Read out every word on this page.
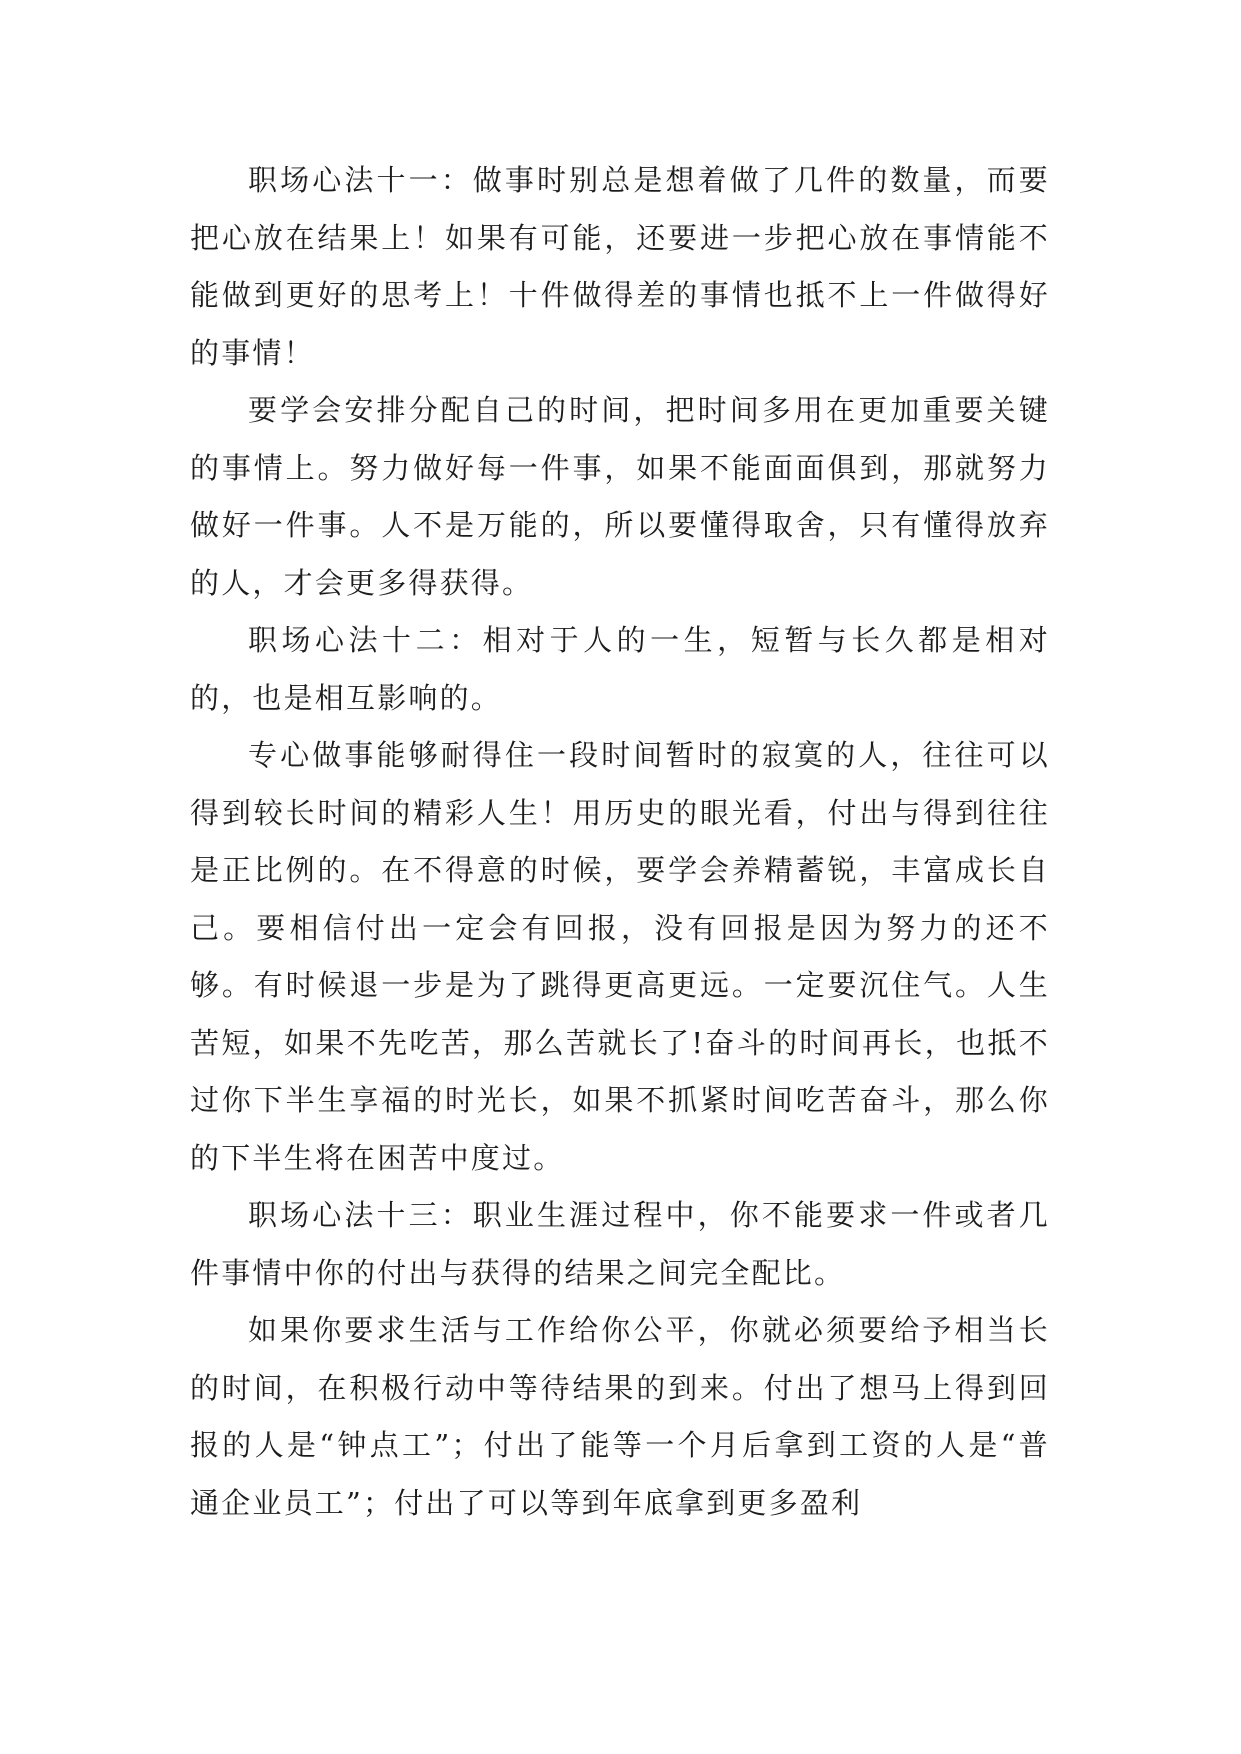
职场心法十一：做事时别总是想着做了几件的数量，而要把心放在结果上！如果有可能，还要进一步把心放在事情能不能做到更好的思考上！十件做得差的事情也抵不上一件做得好的事情！

要学会安排分配自己的时间，把时间多用在更加重要关键的事情上。努力做好每一件事，如果不能面面俱到，那就努力做好一件事。人不是万能的，所以要懂得取舍，只有懂得放弃的人，才会更多得获得。

职场心法十二：相对于人的一生，短暂与长久都是相对的，也是相互影响的。

专心做事能够耐得住一段时间暂时的寂寞的人，往往可以得到较长时间的精彩人生！用历史的眼光看，付出与得到往往是正比例的。在不得意的时候，要学会养精蓄锐，丰富成长自己。要相信付出一定会有回报，没有回报是因为努力的还不够。有时候退一步是为了跳得更高更远。一定要沉住气。人生苦短，如果不先吃苦，那么苦就长了!奋斗的时间再长，也抵不过你下半生享福的时光长，如果不抓紧时间吃苦奋斗，那么你的下半生将在困苦中度过。

职场心法十三：职业生涯过程中，你不能要求一件或者几件事情中你的付出与获得的结果之间完全配比。

如果你要求生活与工作给你公平，你就必须要给予相当长的时间，在积极行动中等待结果的到来。付出了想马上得到回报的人是“钟点工”；付出了能等一个月后拿到工资的人是“普通企业员工”；付出了可以等到年底拿到更多盈利
